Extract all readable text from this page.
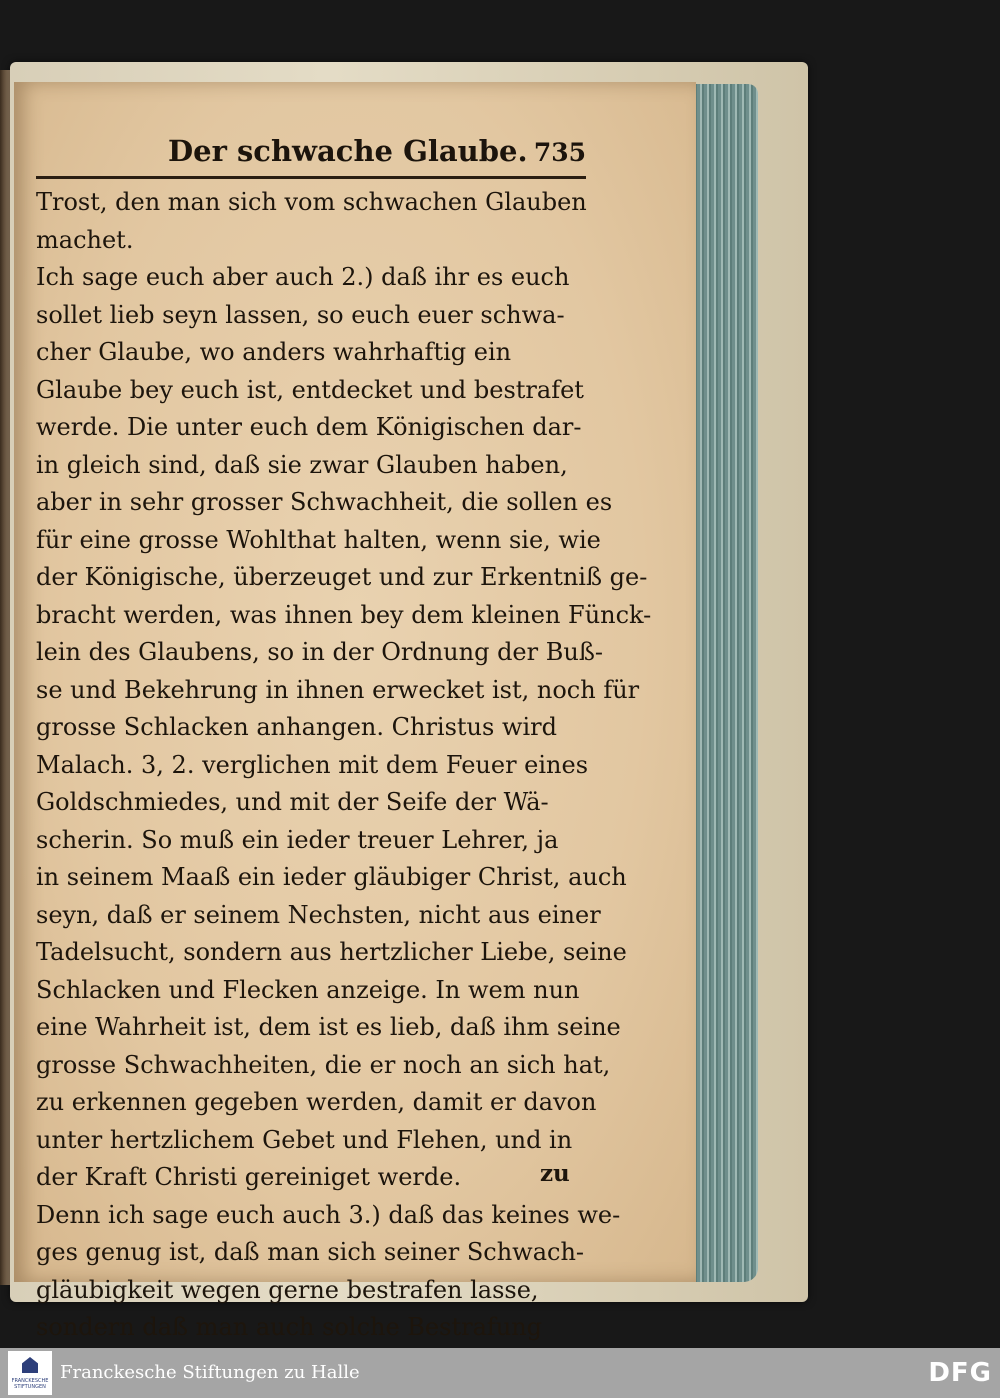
Der schwache Glaube. 735
Trost, den man sich vom schwachen Glauben
machet.
Ich sage euch aber auch 2.) daß ihr es euch
sollet lieb seyn lassen, so euch euer schwa-
cher Glaube, wo anders wahrhaftig ein
Glaube bey euch ist, entdecket und bestrafet
werde. Die unter euch dem Königischen dar-
in gleich sind, daß sie zwar Glauben haben,
aber in sehr grosser Schwachheit, die sollen es
für eine grosse Wohlthat halten, wenn sie, wie
der Königische, überzeuget und zur Erkentniß ge-
bracht werden, was ihnen bey dem kleinen Fünck-
lein des Glaubens, so in der Ordnung der Buß-
se und Bekehrung in ihnen erwecket ist, noch für
grosse Schlacken anhangen. Christus wird
Malach. 3, 2. verglichen mit dem Feuer eines
Goldschmiedes, und mit der Seife der Wä-
scherin. So muß ein ieder treuer Lehrer, ja
in seinem Maaß ein ieder gläubiger Christ, auch
seyn, daß er seinem Nechsten, nicht aus einer
Tadelsucht, sondern aus hertzlicher Liebe, seine
Schlacken und Flecken anzeige. In wem nun
eine Wahrheit ist, dem ist es lieb, daß ihm seine
grosse Schwachheiten, die er noch an sich hat,
zu erkennen gegeben werden, damit er davon
unter hertzlichem Gebet und Flehen, und in
der Kraft Christi gereiniget werde.
Denn ich sage euch auch 3.) daß das keines we-
ges genug ist, daß man sich seiner Schwach-
gläubigkeit wegen gerne bestrafen lasse,
sondern daß man auch solche Bestrafung
zu
FRANCKESCHE STIFTUNGEN
Franckesche Stiftungen zu Halle	DFG
